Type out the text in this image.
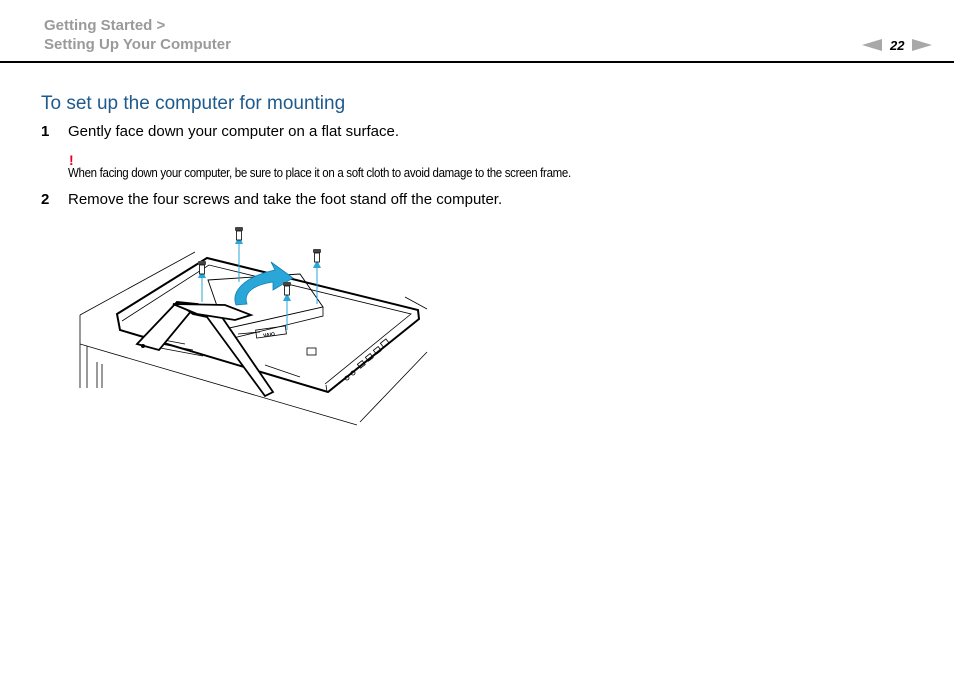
Getting Started >
Setting Up Your Computer	22
To set up the computer for mounting
1	Gently face down your computer on a flat surface.
!
When facing down your computer, be sure to place it on a soft cloth to avoid damage to the screen frame.
2	Remove the four screws and take the foot stand off the computer.
VAIO
